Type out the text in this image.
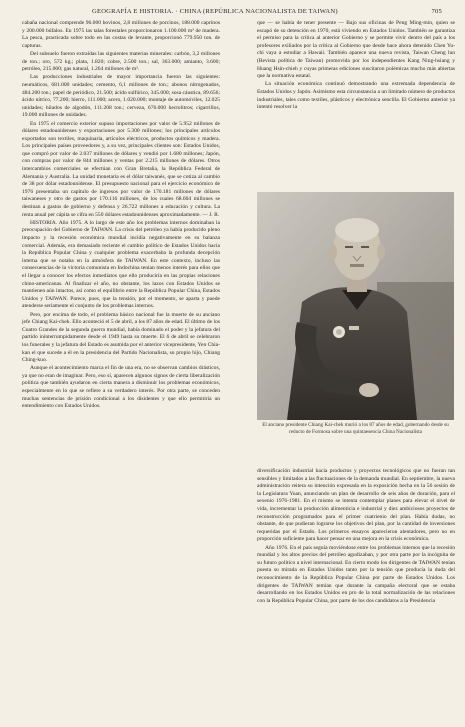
GEOGRAFÍA E HISTORIA. · CHINA (REPÚBLICA NACIONALISTA DE TAIWAN)	705

cabaña nacional comprende 96.000 bovinos, 2,8 millones de porcinos, 188.000 caprinos y 200.000 búfalos. En 1975 las talas forestales proporcionaron 1.100.000 m³ de madera. La pesca, practicada sobre todo en las costas de levante, proporcionó 779.950 ton. de capturas.

Del subsuelo fueron extraídas las siguientes materias minerales: carbón, 3,2 millones de ton.; oro, 572 kg.; plata, 1.820; cobre, 2.500 ton.; sal, 363.000; amianto, 3.600; petróleo, 215.000; gas natural, 1.264 millones de m³.

Las producciones industriales de mayor importancia fueron las siguientes: neumáticos, 681.000 unidades; cemento, 6,1 millones de ton.; abonos nitrogenados, 484.200 ton.; papel de periódico, 21.500; ácido sulfúrico, 345.000; sosa cáustica, 89.656; ácido nítrico, 77.200; hierro, 111.000; acero, 1.020.000; montaje de automóviles, 12.025 unidades; hilados de algodón, 111.208 ton.; cerveza, 676.000 hectolitros; cigarrillos, 19.000 millones de unidades.

En 1975 el comercio exterior supuso importaciones por valor de 5.952 millones de dólares estadounidenses y exportaciones por 5.300 millones; los principales artículos exportados son textiles, maquinaria, artículos eléctricos, productos químicos y madera. Los principales países proveedores y, a su vez, principales clientes son: Estados Unidos, que compró por valor de 2.037 millones de dólares y vendió por 1.680 millones; Japón, con compras por valor de 844 millones y ventas por 2.215 millones de dólares. Otros intercambios comerciales se efectúan con Gran Bretaña, la República Federal de Alemania y Australia. La unidad monetaria es el dólar taiwanés, que se cotiza al cambio de 38 por dólar estadounidense. El presupuesto nacional para el ejercicio económico de 1976 presentaba un capítulo de ingresos por valor de 170.181 millones de dólares taiwaneses y otro de gastos por 170.116 millones, de los cuales 68.604 millones se destinan a gastos de gobierno y defensa y 26.722 millones a educación y cultura. La renta anual per cápita se cifra en 550 dólares estadounidenses aproximadamente. — J. R.

HISTORIA. Año 1975. A lo largo de este año los problemas internos dominaban la preocupación del Gobierno de TAIWAN. La crisis del petróleo ya había producido pleno impacto y la recesión económica mundial incidía negativamente en su balanza comercial. Además, era demasiado reciente el cambio político de Estados Unidos hacia la República Popular China y cualquier problema exacerbaba la profunda decepción interna que se notaba en la atmósfera de TAIWAN. En este contexto, incluso las consecuencias de la victoria comunista en Indochina tenían menos interés para ellos que el llegar a conocer los efectos inmediatos que ello produciría en las propias relaciones chino-americanas. Al finalizar el año, no obstante, los lazos con Estados Unidos se mantienen aún intactos, así como el equilibrio entre la República Popular China, Estados Unidos y TAIWAN. Parece, pues, que la tensión, por el momento, se aparta y puede atenderse seriamente el conjunto de los problemas internos.

Pero, por encima de todo, el problema básico nacional fue la muerte de su anciano jefe Chiang Kai-chek. Ello aconteció el 5 de abril, a los 87 años de edad. El último de los Cuatro Grandes de la segunda guerra mundial, había dominado el poder y la jefatura del partido ininterrumpidamente desde el 1949 hasta su muerte. El 6 de abril se celebraron los funerales y la jefatura del Estado es asumida por el anterior vicepresidente, Yen Chia-kan el que sucede a él en la presidencia del Partido Nacionalista, su propio hijo, Chiang Ching-kuo.

Aunque el acontecimiento marca el fin de una era, no se observan cambios drásticos, ya que no eran de imaginar. Pero, eso sí, aparecen algunos signos de cierta liberalización política que también ayudaron en cierta manera a disminuir los problemas económicos, especialmente en lo que se refiere a su verdadero interés. Por otra parte, se conceden muchas sentencias de prisión condicional a los disidentes y que ello permitiría un entendimiento con Estados Unidos.

que — se había de tener presente — Bajo sus oficinas de Peng Ming-min, quien se escapó de su detención en 1970, está viviendo en Estados Unidos. También se garantiza el permiso para la crítica al anterior Gobierno y se permite vivir dentro del país a los profesores exiliados por la crítica al Gobierno que desde hace ahora detenido Chen Yu-chi vaya a estudiar a Hawaii. También aparece una nueva revista, Taiwan Cheng lun (Revista política de Taiwan) promovida por los independientes Kang Ning-hsiang y Huang Hsin-chieh y cuyas primeras ediciones suscitaron polémicas mucho más abiertas que la normativa estatal.

La situación económica continuó demostrando una extremada dependencia de Estados Unidos y Japón. Asimismo esta circunstancia a un limitado número de productos industriales, tales como textiles, plásticos y electrónica sencilla. El Gobierno anterior ya intentó resolver la

El anciano presidente Chiang Kai-chek murió a los 87 años de edad, gobernando desde su reducto de Formosa sobre una quintaesencia China Nacionalista

diversificación industrial hacia productos y proyectos tecnológicos que no fueran tan sensibles y limitados a las fluctuaciones de la demanda mundial. En septiembre, la nueva administración reitera su intención expresada en la exposición hecha en la 56 sesión de la Legislatura Yuan, anunciando un plan de desarrollo de seis años de duración, para el sexenio 1976-1981. En el mismo se intenta contemplar planes para elevar el nivel de vida, incrementar la producción alimenticia e industrial y diez ambiciosos proyectos de reconstrucción programados para el primer cuatrienio del plan. Había dudas, no obstante, de que pudieran lograrse los objetivos del plan, por la cantidad de inversiones requeridas por el Estado. Los primeros ensayos aparecieron alentadores, pero no en proporción suficiente para hacer pensar en una mejora en la crisis económica.

Año 1976. En el país seguía moviéndose entre los problemas internos que la recesión mundial y los altos precios del petróleo agudizaban, y por otra parte por la incógnita de su futuro político a nivel internacional. En cierto modo los dirigentes de TAIWAN tenían puesta su mirada en Estados Unidos tanto por la tensión que producía la duda del reconocimiento de la República Popular China por parte de Estados Unidos. Los dirigentes de TAIWAN temían que durante la campaña electoral que se estaba desarrollando en los Estados Unidos en pro de la total normalización de las relaciones con la República Popular China, por parte de los dos candidatos a la Presidencia
